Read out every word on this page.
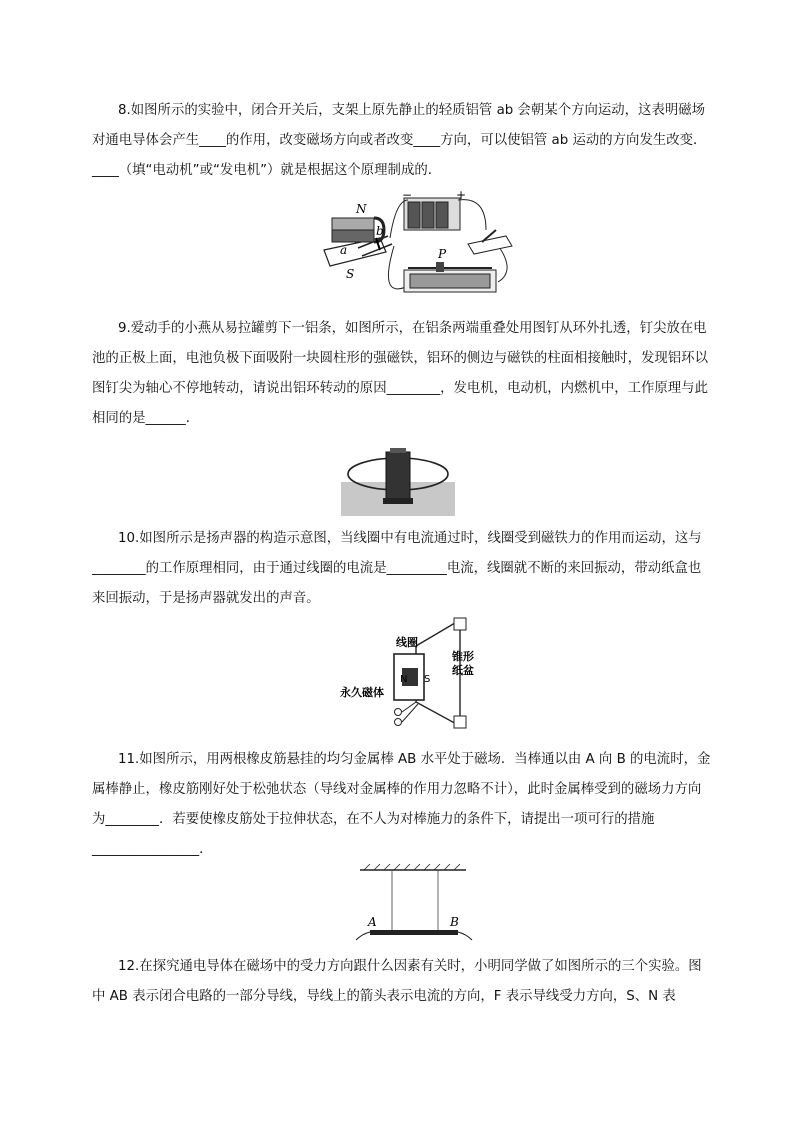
8.如图所示的实验中，闭合开关后，支架上原先静止的轻质铝管 ab 会朝某个方向运动，这表明磁场对通电导体会产生____的作用，改变磁场方向或者改变____方向，可以使铝管 ab 运动的方向发生改变．____（填“电动机”或“发电机”）就是根据这个原理制成的．

N
b
a
S
−	+
P

9.爱动手的小燕从易拉罐剪下一铝条，如图所示，在铝条两端重叠处用图钉从环外扎透，钉尖放在电池的正极上面，电池负极下面吸附一块圆柱形的强磁铁，铝环的侧边与磁铁的柱面相接触时，发现铝环以图钉尖为轴心不停地转动，请说出铝环转动的原因________，发电机，电动机，内燃机中，工作原理与此相同的是______．

10.如图所示是扬声器的构造示意图，当线圈中有电流通过时，线圈受到磁铁力的作用而运动，这与________的工作原理相同，由于通过线圈的电流是_________电流，线圈就不断的来回振动，带动纸盒也来回振动，于是扬声器就发出的声音。

N S
线圈
锥形
纸盆
永久磁体

11.如图所示，用两根橡皮筋悬挂的均匀金属棒 AB 水平处于磁场．当棒通以由 A 向 B 的电流时，金属棒静止，橡皮筋刚好处于松弛状态（导线对金属棒的作用力忽略不计），此时金属棒受到的磁场力方向为________．若要使橡皮筋处于拉伸状态，在不人为对棒施力的条件下，请提出一项可行的措施________________．

A	B

12.在探究通电导体在磁场中的受力方向跟什么因素有关时，小明同学做了如图所示的三个实验。图中 AB 表示闭合电路的一部分导线，导线上的箭头表示电流的方向，F 表示导线受力方向，S、N 表
